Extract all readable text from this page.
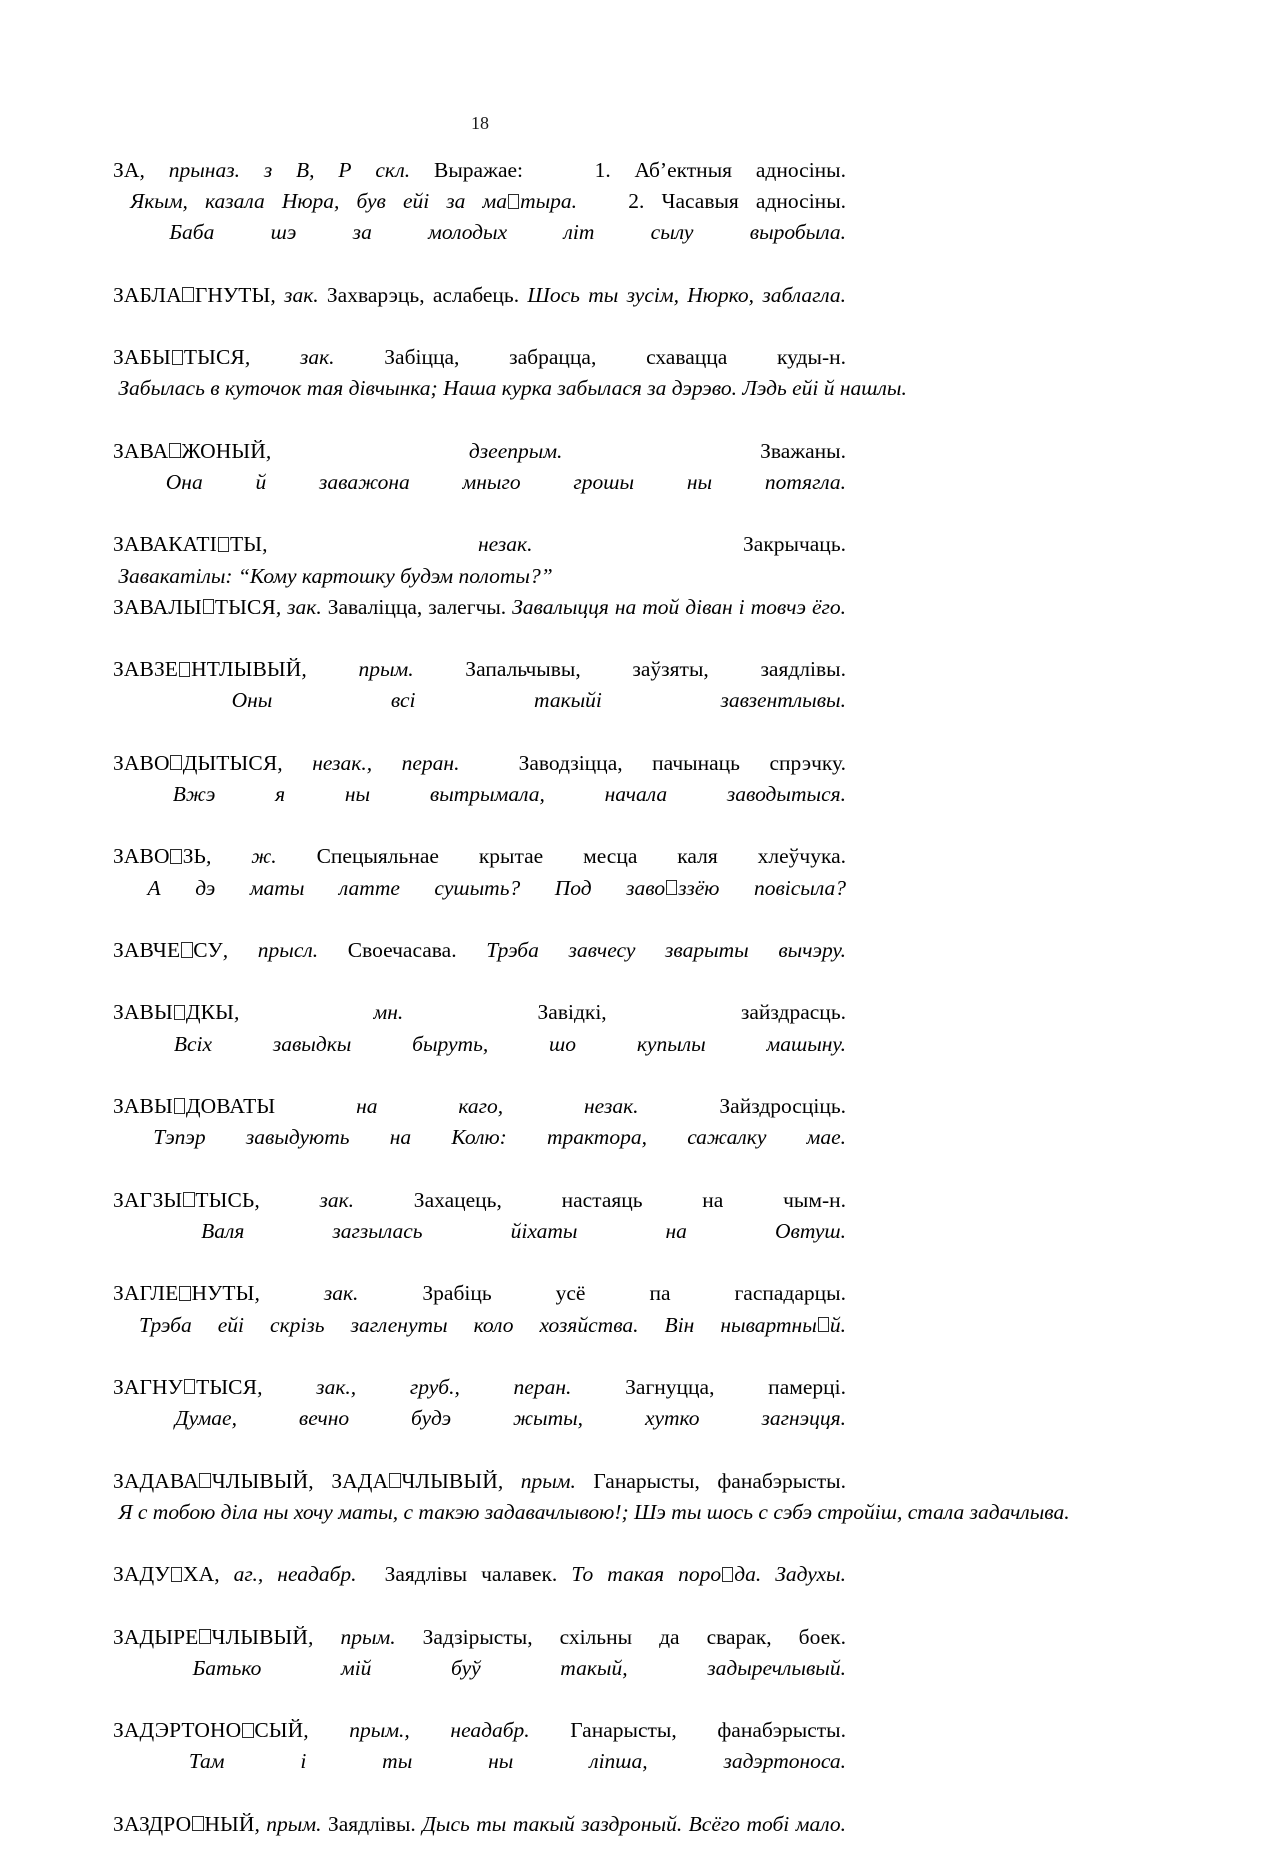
18

ЗА, прыназ. з В, Р скл. Выражае:   1. Аб’ектныя адносіны. Якым, казала Нюра, був ейі за ма тыра.   2. Часавыя адносіны. Баба шэ за молодых літ сылу выробыла.

ЗАБЛА ГНУТЫ, зак. Захварэць, аслабець. Шось ты зусім, Нюрко, заблагла.

ЗАБЫ ТЫСЯ, зак. Забіцца, забрацца, схавацца куды-н. Забылась в куточок тая дівчынка; Наша курка забылася за дэрэво. Лэдь ейі й нашлы.

ЗАВА ЖОНЫЙ, дзеепрым. Зважаны. Она й заважона мныго грошы ны потягла.

ЗАВАКАТІ ТЫ, незак. Закрычаць. Завакатілы: “Кому картошку будэм полоты?”

ЗАВАЛЫ ТЫСЯ, зак. Заваліцца, залегчы. Завалыцця на той діван і товчэ ёго.

ЗАВЗЕ НТЛЫВЫЙ, прым. Запальчывы, заўзяты, заядлівы. Оны всі такыйі завзентлывы.

ЗАВО ДЫТЫСЯ, незак., перан.  Заводзіцца, пачынаць спрэчку. Вжэ я ны вытрымала, начала заводытыся.

ЗАВО ЗЬ, ж. Спецыяльнае крытае месца каля хлеўчука. А дэ маты латте сушыть? Под заво ззёю повісыла?

ЗАВЧЕ СУ, прысл. Своечасава. Трэба завчесу зварыты вычэру.

ЗАВЫ ДКЫ, мн. Завідкі, зайздрасць. Всіх завыдкы быруть, шо купылы машыну.

ЗАВЫ ДОВАТЫ на каго, незак. Зайздросціць. Тэпэр завыдують на Колю: трактора, сажалку мае.

ЗАГЗЫ ТЫСЬ, зак. Захацець, настаяць на чым-н. Валя загзылась йіхаты на Овтуш.

ЗАГЛЕ НУТЫ, зак. Зрабіць усё па гаспадарцы. Трэба ейі скрізь загленуты коло хозяйства. Він нывартны й.

ЗАГНУ ТЫСЯ, зак., груб., перан. Загнуцца, памерці. Думае, вечно будэ жыты, хутко загнэцця.

ЗАДАВА ЧЛЫВЫЙ, ЗАДА ЧЛЫВЫЙ, прым. Ганарысты, фанабэрысты. Я с тобою діла ны хочу маты, с такэю задавачлывою!; Шэ ты шось с сэбэ стройіш, стала задачлыва.

ЗАДУ ХА, аг., неадабр.  Заядлівы чалавек. То такая поро да. Задухы.

ЗАДЫРЕ ЧЛЫВЫЙ, прым. Задзірысты, схільны да сварак, боек. Батько мій буў такый, задыречлывый.

ЗАДЭРТОНО СЫЙ, прым., неадабр. Ганарысты, фанабэрысты. Там і ты ны ліпша, задэртоноса.

ЗАЗДРО НЫЙ, прым. Заядлівы. Дысь ты такый заздроный. Всёго тобі мало.
